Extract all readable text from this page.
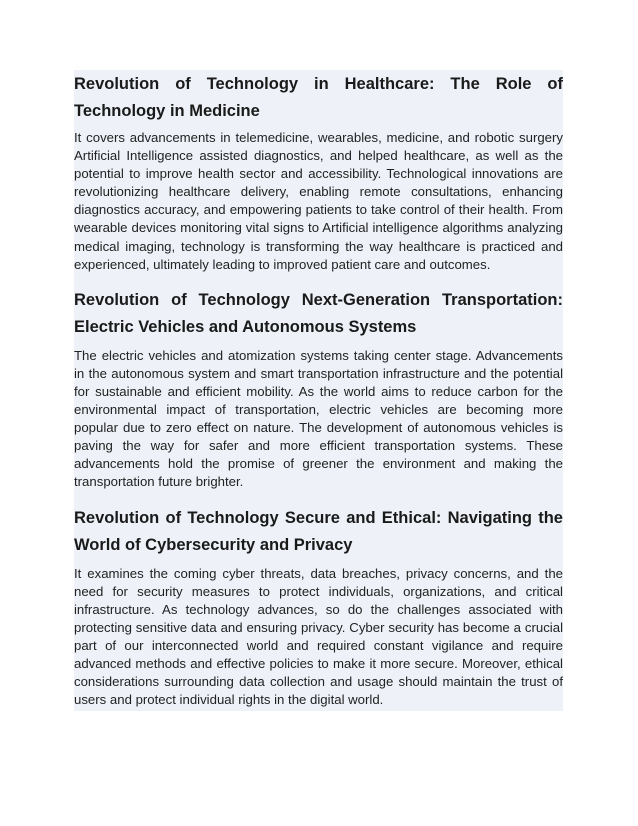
Revolution of Technology in Healthcare: The Role of Technology in Medicine

It covers advancements in telemedicine, wearables, medicine, and robotic surgery Artificial Intelligence assisted diagnostics, and helped healthcare, as well as the potential to improve health sector and accessibility. Technological innovations are revolutionizing healthcare delivery, enabling remote consultations, enhancing diagnostics accuracy, and empowering patients to take control of their health. From wearable devices monitoring vital signs to Artificial intelligence algorithms analyzing medical imaging, technology is transforming the way healthcare is practiced and experienced, ultimately leading to improved patient care and outcomes.

Revolution of Technology Next-Generation Transportation: Electric Vehicles and Autonomous Systems

The electric vehicles and atomization systems taking center stage. Advancements in the autonomous system and smart transportation infrastructure and the potential for sustainable and efficient mobility. As the world aims to reduce carbon for the environmental impact of transportation, electric vehicles are becoming more popular due to zero effect on nature. The development of autonomous vehicles is paving the way for safer and more efficient transportation systems. These advancements hold the promise of greener the environment and making the transportation future brighter.

Revolution of Technology Secure and Ethical: Navigating the World of Cybersecurity and Privacy

It examines the coming cyber threats, data breaches, privacy concerns, and the need for security measures to protect individuals, organizations, and critical infrastructure. As technology advances, so do the challenges associated with protecting sensitive data and ensuring privacy. Cyber security has become a crucial part of our interconnected world and required constant vigilance and require advanced methods and effective policies to make it more secure. Moreover, ethical considerations surrounding data collection and usage should maintain the trust of users and protect individual rights in the digital world.
